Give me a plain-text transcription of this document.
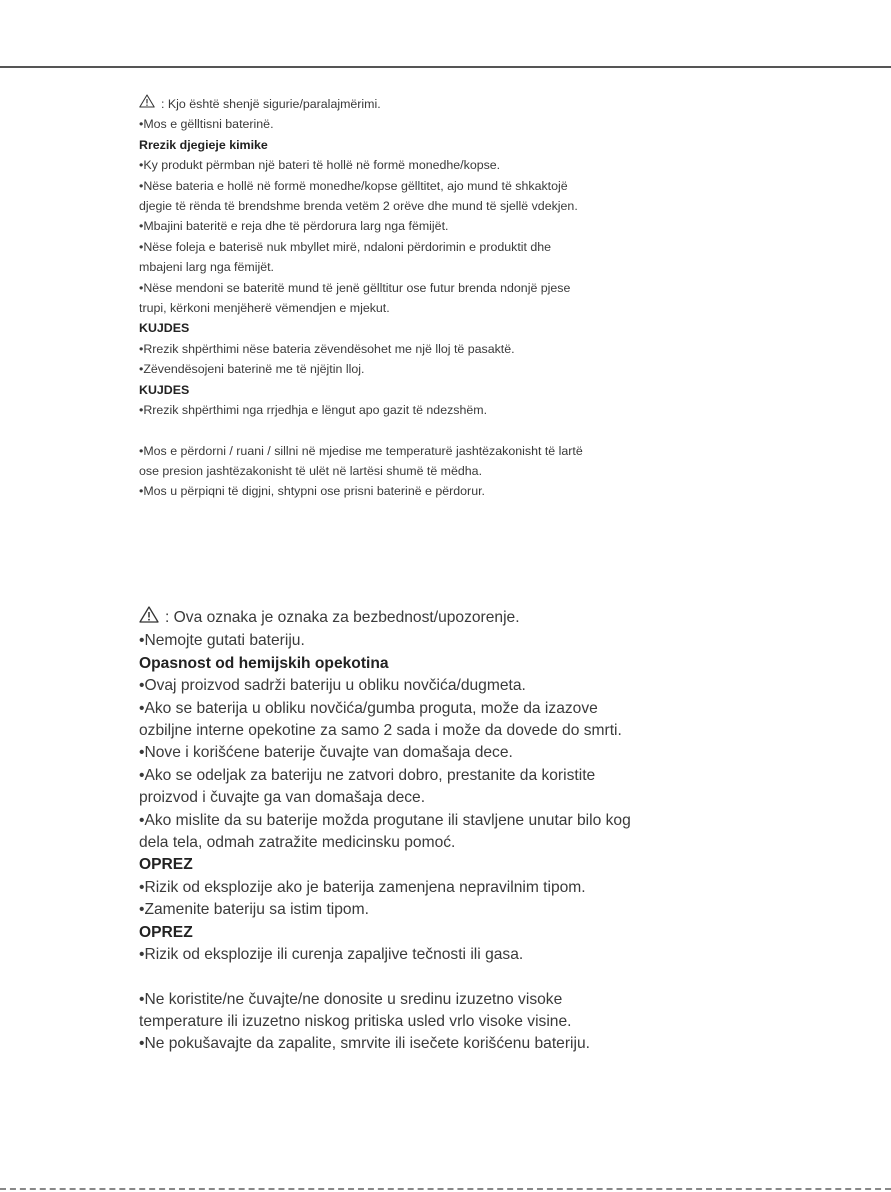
: Kjo është shenjë sigurie/paralajmërimi.
•Mos e gëlltisni baterinë.
Rrezik djegieje kimike
•Ky produkt përmban një bateri të hollë në formë monedhe/kopse.
•Nëse bateria e hollë në formë monedhe/kopse gëlltitet, ajo mund të shkaktojë
djegie të rënda të brendshme brenda vetëm 2 orëve dhe mund të sjellë vdekjen.
•Mbajini bateritë e reja dhe të përdorura larg nga fëmijët.
•Nëse foleja e baterisë nuk mbyllet mirë, ndaloni përdorimin e produktit dhe
mbajeni larg nga fëmijët.
•Nëse mendoni se bateritë mund të jenë gëlltitur ose futur brenda ndonjë pjese
trupi, kërkoni menjëherë vëmendjen e mjekut.
KUJDES
•Rrezik shpërthimi nëse bateria zëvendësohet me një lloj të pasaktë.
•Zëvendësojeni baterinë me të njëjtin lloj.
KUJDES
•Rrezik shpërthimi nga rrjedhja e lëngut apo gazit të ndezshëm.
•Mos e përdorni / ruani / sillni në mjedise me temperaturë jashtëzakonisht të lartë
ose presion jashtëzakonisht të ulët në lartësi shumë të mëdha.
•Mos u përpiqni të digjni, shtypni ose prisni baterinë e përdorur.
: Ova oznaka je oznaka za bezbednost/upozorenje.
•Nemojte gutati bateriju.
Opasnost od hemijskih opekotina
•Ovaj proizvod sadrži bateriju u obliku novčića/dugmeta.
•Ako se baterija u obliku novčića/gumba proguta, može da izazove
ozbiljne interne opekotine za samo 2 sada i može da dovede do smrti.
•Nove i korišćene baterije čuvajte van domašaja dece.
•Ako se odeljak za bateriju ne zatvori dobro, prestanite da koristite
proizvod i čuvajte ga van domašaja dece.
•Ako mislite da su baterije možda progutane ili stavljene unutar bilo kog
dela tela, odmah zatražite medicinsku pomoć.
OPREZ
•Rizik od eksplozije ako je baterija zamenjena nepravilnim tipom.
•Zamenite bateriju sa istim tipom.
OPREZ
•Rizik od eksplozije ili curenja zapaljive tečnosti ili gasa.
•Ne koristite/ne čuvajte/ne donosite u sredinu izuzetno visoke
temperature ili izuzetno niskog pritiska usled vrlo visoke visine.
•Ne pokušavajte da zapalite, smrvite ili isečete korišćenu bateriju.
